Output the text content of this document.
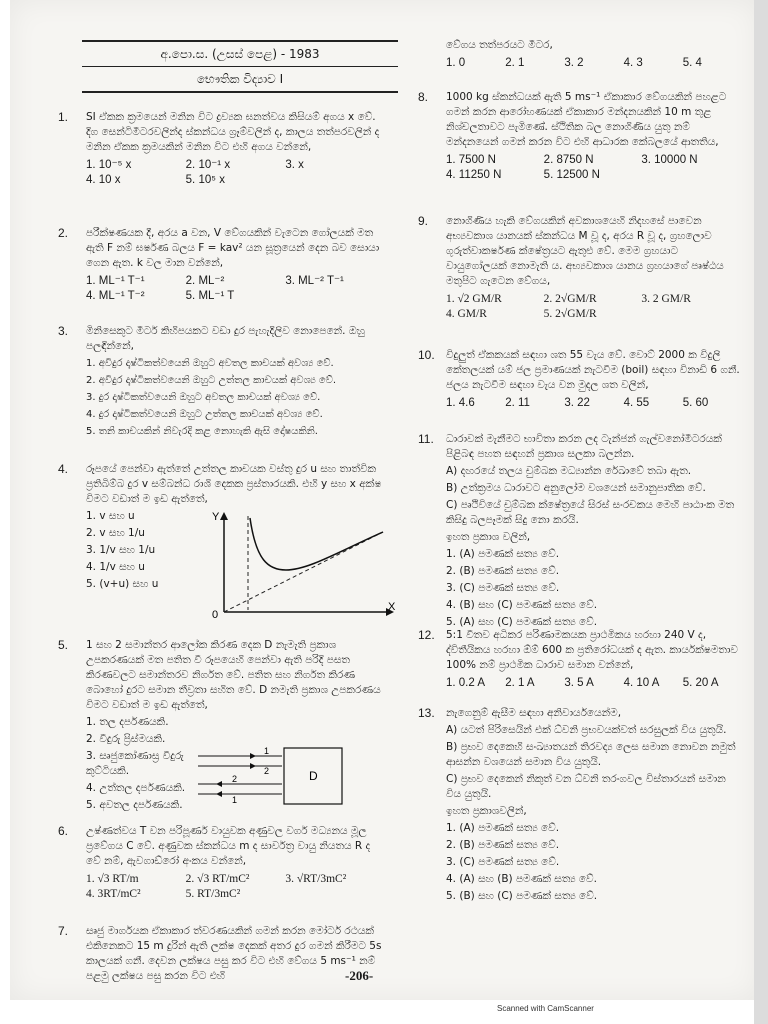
අ.පො.ස. (උසස් පෙළ) - 1983
භෞතික විද්‍යාව I
1. SI ඒකක ක්‍රමයෙන් මනින විට ද්‍රව්‍යක ඝනත්වය කිසියම් අගය x වේ. දිග සෙන්ටිමීටරවලින්ද ස්කන්ධය ග්‍රෑම්වලින් ද, කාලය තත්පරවලින් ද මනින ඒකක ක්‍රමයකින් මනින විට එහි අගය වන්නේ,
1. 10⁻⁵ x	2. 10⁻¹ x	3. x
4. 10 x	5. 10⁵ x
2. පරීක්ෂණයක දී, අරය a වන, V වේගයකින් වැටෙන ගෝලයක් මත ඇති F නම් ඝර්ෂණ බලය F = kav² යන සූත්‍රයෙන් දෙන බව සොයා ගෙන ඇත. k වල මාන වන්නේ,
1. ML⁻¹ T⁻¹	2. ML⁻²	3. ML⁻² T⁻¹
4. ML⁻¹ T⁻²	5. ML⁻¹ T
3. මිනිසෙකුට මීටර් කිහිපයකට වඩා දුර පැහැදිලිව නොපෙනේ. ඔහු පලඳින්නේ,
1. අවිදුර දෘෂ්ටිකත්වයෙනි ඔහුට අවතල කාචයක් අවශ්‍ය වේ.
2. අවිදුර දෘෂ්ටිකත්වයෙනි ඔහුට උත්තල කාචයක් අවශ්‍ය වේ.
3. දුර දෘෂ්ටිකත්වයෙනි ඔහුට අවතල කාචයක් අවශ්‍ය වේ.
4. දුර දෘෂ්ටිකත්වයෙනි ඔහුට උත්තල කාචයක් අවශ්‍ය වේ.
5. තනි කාචයකින් නිවැරදි කළ නොහැකි ඇසි දෝෂයකිනි.
4. රූපයේ පෙන්වා ඇත්තේ උත්තල කාචයක වස්තු දුර u සහ තාත්වික ප්‍රතිබිම්බ දුර v සම්බන්ධ රාශි දෙකක ප්‍රස්තාරයකි. එහි y සහ x අක්ෂ විමට වඩාත් ම ඉඩ ඇත්තේ,
1. v සහ u
2. v සහ 1/u
3. 1/v සහ 1/u
4. 1/v සහ u
5. (v+u) සහ u
Y
X
0
5. 1 සහ 2 සමාන්තර ආලෝක කිරණ දෙක D නැමැති ප්‍රකාශ උපකරණයක් මත පතිත වී රූපයෙහි පෙන්වා ඇති පරිදි පසත කිරණවලට සමාන්තරව නිර්ගත වේ. පතිත සහ නිර්ගත කිරණ බොහෝ දුරට සමාන තීව්‍රතා සහිත වේ. D නමැති ප්‍රකාශ උපකරණය විමට වඩාත් ම ඉඩ ඇත්තේ,
1. තල දර්පණයකි.
2. වීදුරු ප්‍රිස්මයකි.
3. සෘජුකෝණාස්‍ර වීදුරු කුට්ටියකි.
4. උත්තල දර්පණයකි.
5. අවතල දර්පණයකි.
D
1
2
2
1
6. උෂ්ණත්වය T වන පරිපූර්ණ වායුවක අණුවල වර්ග මධ්‍යනය මූල ප්‍රවේගය C වේ. අණුවක ස්කන්ධය m ද සාර්වත්‍ර වායු නියතය R ද වේ නම්, ඇවගාඩ්රෝ අංකය වන්නේ,
1. √3 RT/m	2. √3 RT/mC²	3. √RT/3mC²
4. 3RT/mC²	5. RT/3mC²
7. සෘජු මාර්ගයක ඒකාකාර ත්වරණයකින් ගමන් කරන මෝටර් රථයක් එකිනෙකට 15 m දුරින් ඇති ලක්ෂ දෙකක් අතර දුර ගමන් කිරීමට 5s කාලයක් ගනී. දෙවන ලක්ෂය පසු කර විට එහි වේගය 5 ms⁻¹ නම් පළමු ලක්ෂය පසු කරන විට එහි
වේගය තත්පරයට මීටර,
1. 0	2. 1	3. 2	4. 3	5. 4
8. 1000 kg ස්කන්ධයක් ඇති 5 ms⁻¹ ඒකාකාර වේගයකින් පහළට ගමන් කරන ආරෝහණයක් ඒකාකාර මන්දනයකින් 10 m තුළ නිශ්චලතාවට පැමිණේ. ස්ථිතික බල නොගිණිය යුතු නම් මන්දනයෙන් ගමන් කරන විට එහි ආධාරක කේබලයේ ආතතිය,
1. 7500 N	2. 8750 N	3. 10000 N
4. 11250 N	5. 12500 N
9. නොගිණිය හැකි වේගයකින් අවකාශයෙහි නිදහසේ පාවෙන අභ්‍යවකාශ යානයක් ස්කන්ධය M වූ ද, අරය R වූ ද, ග්‍රහලොව ගුරුත්වාකර්ෂණ ක්ෂේත්‍රයට ඇතුළු වේ. මෙම ග්‍රහයාට වායුගෝලයක් නොමැති ය. අභ්‍යවකාශ යානය ග්‍රහයාගේ පෘෂ්ඨය මතුපිට ගැටෙන වේගය,
1. √2 GM/R	2. 2√GM/R	3. 2 GM/R
4. GM/R	5. 2√GM/R
10. විදුලුත් ඒකකයක් සඳහා ශත 55 වැය වේ. වොට් 2000 ක විදුලි කේතලයක් යම් ජල ප්‍රමාණයක් නැටවීම (boil) සඳහා විනාඩි 6 ගනී. ජලය නැටවීම සඳහා වැය වන මුදල ශත වලින්,
1. 4.6	2. 11	3. 22	4. 55	5. 60
11. ධාරාවක් මැනීමට භාවිතා කරන ලද ටැන්ජන් ගැල්වනෝමීටරයක් පිළිබඳ පහත සඳහන් ප්‍රකාශ සලකා බලන්න.
A) දඟරයේ තලය චුම්බක මධ්‍යාන්න රේඛාවේ තබා ඇත.
B) උත්ක්‍රමය ධාරාවට අනුලෝම වශයෙන් සමානුපාතික වේ.
C) පෘථිවියේ චුම්බක ක්ෂේත්‍රයේ සිරස් සංරචකය මෙහි පාඨාංක මත කිසිදු බලපෑමක් සිදු නො කරයි.
ඉහත ප්‍රකාශ වලින්,
1. (A) පමණක් සත්‍ය වේ.
2. (B) පමණක් සත්‍ය වේ.
3. (C) පමණක් සත්‍ය වේ.
4. (B) සහ (C) පමණක් සත්‍ය වේ.
5. (A) සහ (C) පමණක් සත්‍ය වේ.
12. 5:1 වීතව අධිකර පරිණාමකයක ප්‍රාථමිකය හරහා 240 V ද, ද්විතීයිකය හරහා ඕම් 600 ක ප්‍රතිරෝධයක් ද ඇත. කාර්යක්ෂමතාව 100% නම් ප්‍රාථමික ධාරාව සමාන වන්නේ,
1. 0.2 A	2. 1 A	3. 5 A	4. 10 A	5. 20 A
13. නැගෙනුම් ඇසීම සඳහා අනිවාර්යයෙන්ම,
A) යටත් පිරිසෙයින් එක් ධ්වනි ප්‍රභවයක්වත් සරසුලක් විය යුතුයි.
B) ප්‍රභව දෙකෙහි සංඛ්‍යාතයන් තිරවද්‍ය ලෙස සමාන නොවන නමුත් ආසන්න වශයෙන් සමාන විය යුතුයි.
C) ප්‍රභව දෙකෙන් නිකුත් වන ධ්වනි තරංගවල විස්තාරයන් සමාන විය යුතුයි.
ඉහත ප්‍රකාශවලින්,
1. (A) පමණක් සත්‍ය වේ.
2. (B) පමණක් සත්‍ය වේ.
3. (C) පමණක් සත්‍ය වේ.
4. (A) සහ (B) පමණක් සත්‍ය වේ.
5. (B) සහ (C) පමණක් සත්‍ය වේ.
-206-
Scanned with CamScanner
